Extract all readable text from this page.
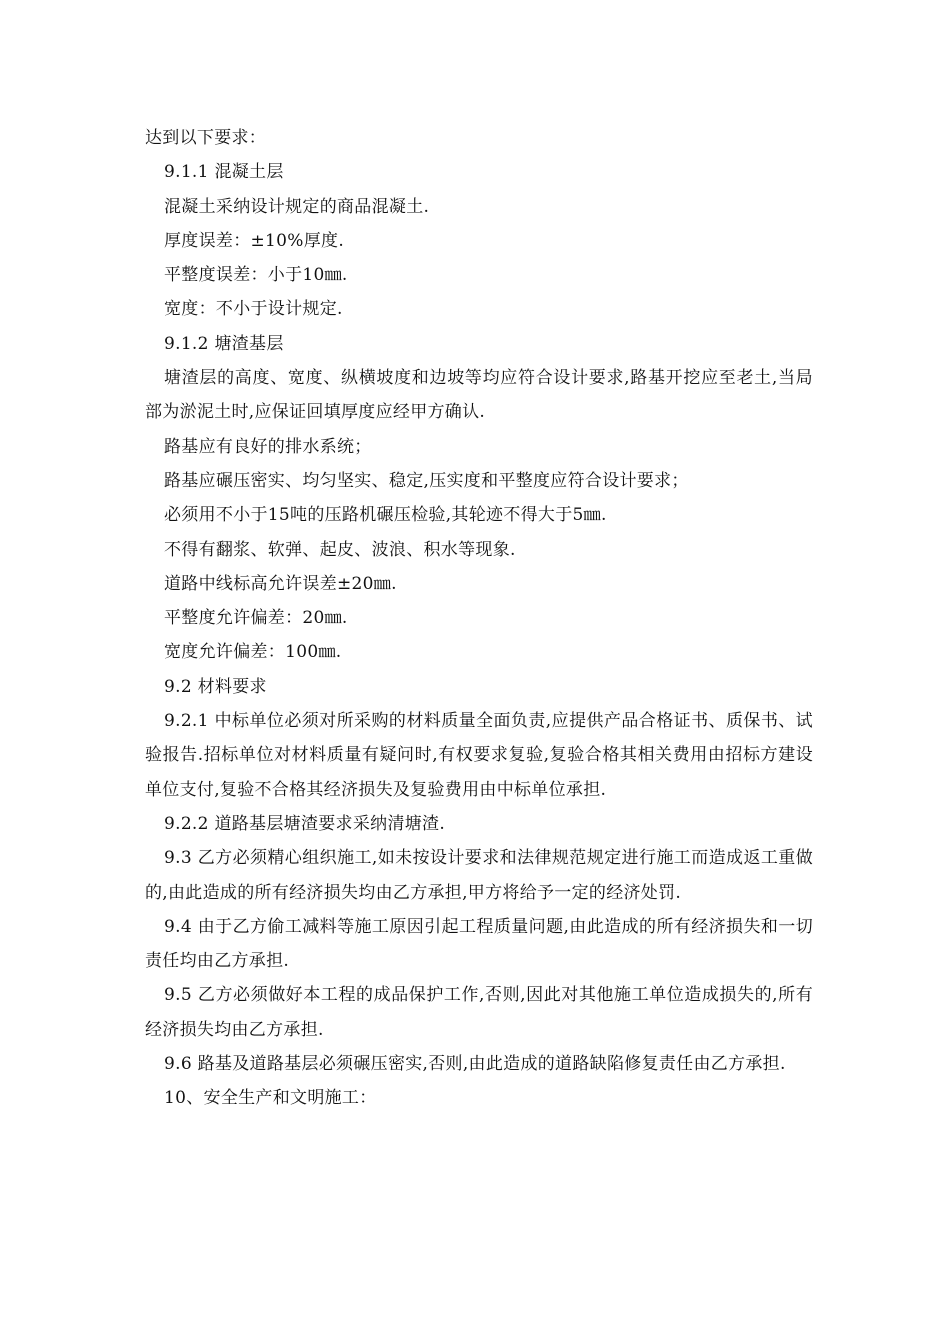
达到以下要求：

9.1.1 混凝土层

混凝土采纳设计规定的商品混凝土.

厚度误差：±10%厚度.

平整度误差：小于10㎜.

宽度：不小于设计规定.

9.1.2 塘渣基层

塘渣层的高度、宽度、纵横坡度和边坡等均应符合设计要求,路基开挖应至老土,当局部为淤泥土时,应保证回填厚度应经甲方确认.

路基应有良好的排水系统；

路基应碾压密实、均匀坚实、稳定,压实度和平整度应符合设计要求；

必须用不小于15吨的压路机碾压检验,其轮迹不得大于5㎜.

不得有翻浆、软弹、起皮、波浪、积水等现象.

道路中线标高允许误差±20㎜.

平整度允许偏差：20㎜.

宽度允许偏差：100㎜.

9.2 材料要求

9.2.1 中标单位必须对所采购的材料质量全面负责,应提供产品合格证书、质保书、试验报告.招标单位对材料质量有疑问时,有权要求复验,复验合格其相关费用由招标方建设单位支付,复验不合格其经济损失及复验费用由中标单位承担.

9.2.2 道路基层塘渣要求采纳清塘渣.

9.3 乙方必须精心组织施工,如未按设计要求和法律规范规定进行施工而造成返工重做的,由此造成的所有经济损失均由乙方承担,甲方将给予一定的经济处罚.

9.4 由于乙方偷工减料等施工原因引起工程质量问题,由此造成的所有经济损失和一切责任均由乙方承担.

9.5 乙方必须做好本工程的成品保护工作,否则,因此对其他施工单位造成损失的,所有经济损失均由乙方承担.

9.6 路基及道路基层必须碾压密实,否则,由此造成的道路缺陷修复责任由乙方承担.

10、安全生产和文明施工：
